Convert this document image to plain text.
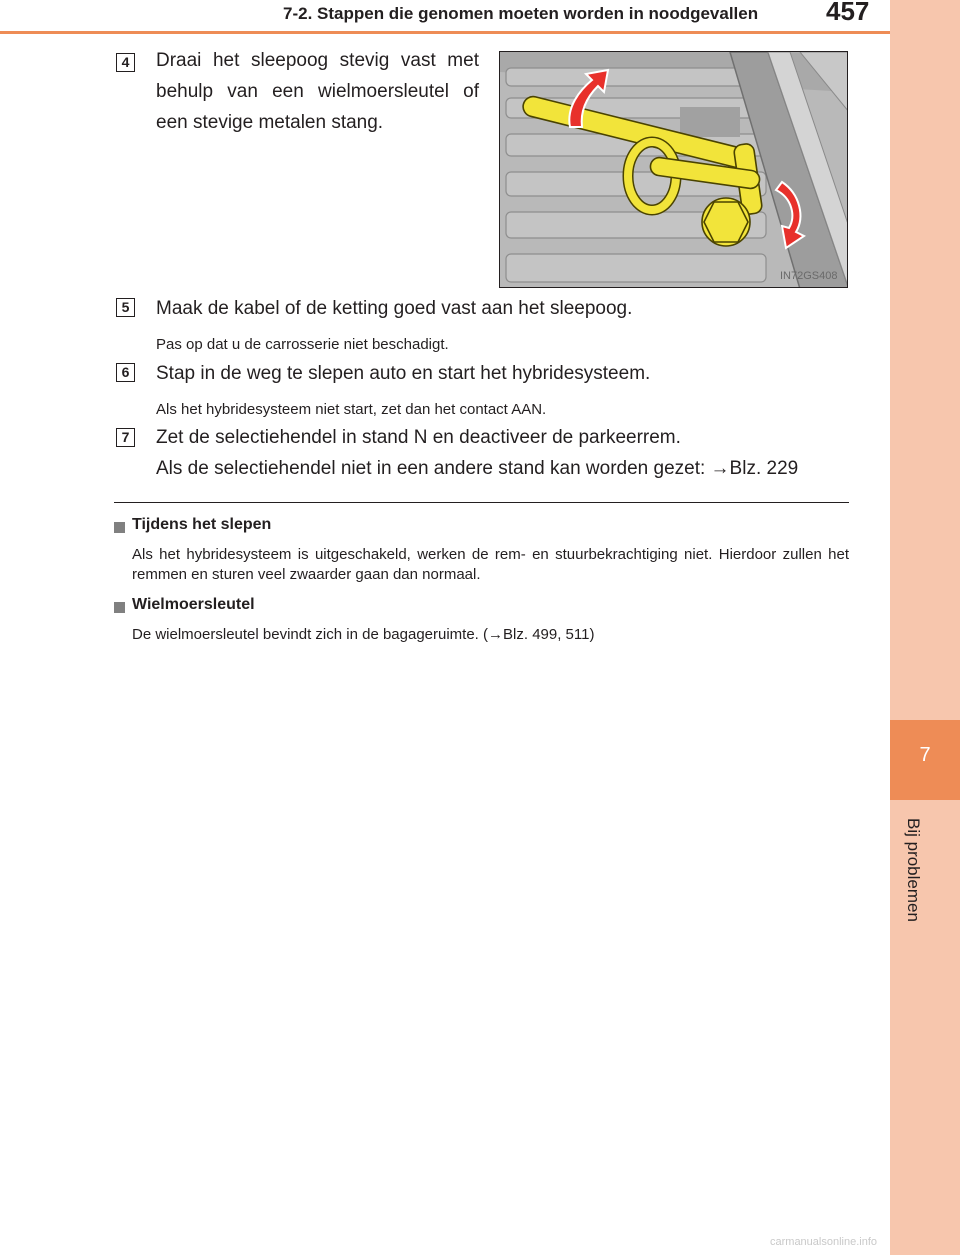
7
Bij problemen
7-2. Stappen die genomen moeten worden in noodgevallen	457
4 Draai het sleepoog stevig vast met
behulp van een wielmoersleutel of
een stevige metalen stang.
IN72GS408
5 Maak de kabel of de ketting goed vast aan het sleepoog.
Pas op dat u de carrosserie niet beschadigt.
6 Stap in de weg te slepen auto en start het hybridesysteem.
Als het hybridesysteem niet start, zet dan het contact AAN.
7 Zet de selectiehendel in stand N en deactiveer de parkeerrem.
Als de selectiehendel niet in een andere stand kan worden gezet: →Blz. 229
Tijdens het slepen
Als het hybridesysteem is uitgeschakeld, werken de rem- en stuurbekrachtiging niet. Hierdoor zullen het remmen en sturen veel zwaarder gaan dan normaal.
Wielmoersleutel
De wielmoersleutel bevindt zich in de bagageruimte. (→Blz. 499, 511)
carmanualsonline.info
